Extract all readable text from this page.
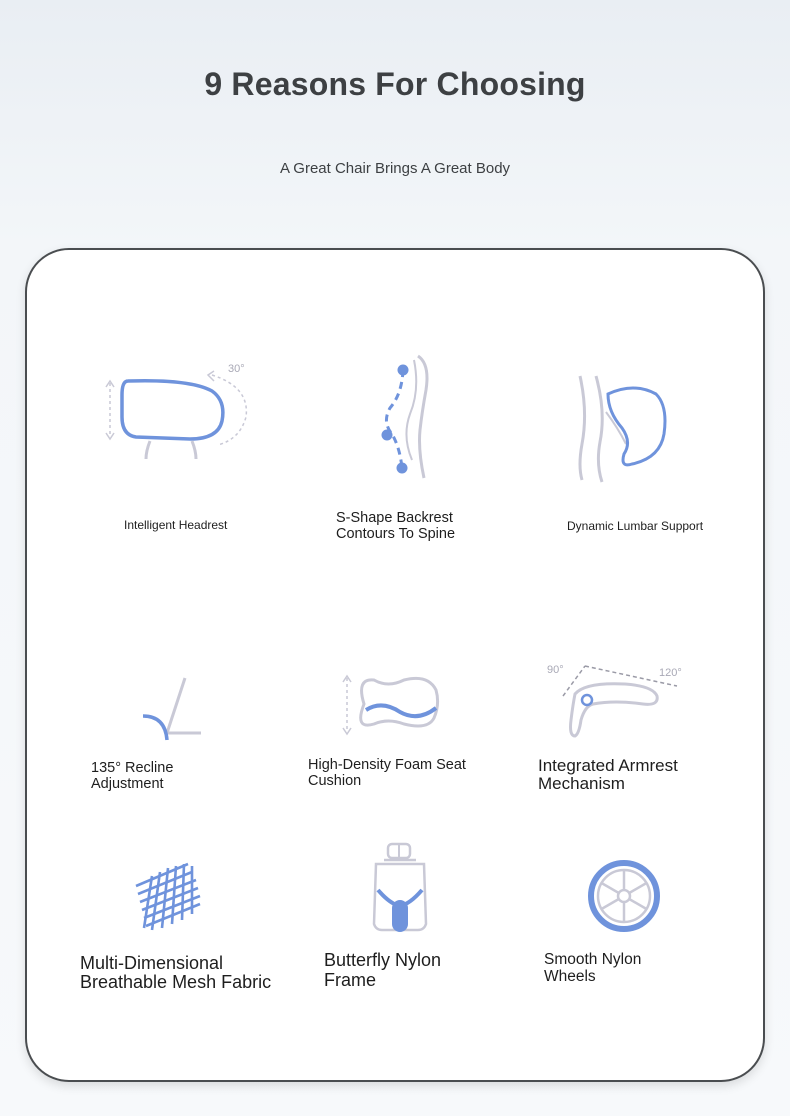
9 Reasons For Choosing
A Great Chair Brings A Great Body
30°
Intelligent Headrest	S-Shape Backrest Contours To Spine	Dynamic Lumbar Support
135° Recline Adjustment
High-Density Foam Seat Cushion
90°	120°
Integrated Armrest Mechanism
Multi-Dimensional Breathable Mesh Fabric
Butterfly Nylon Frame
Smooth Nylon Wheels
